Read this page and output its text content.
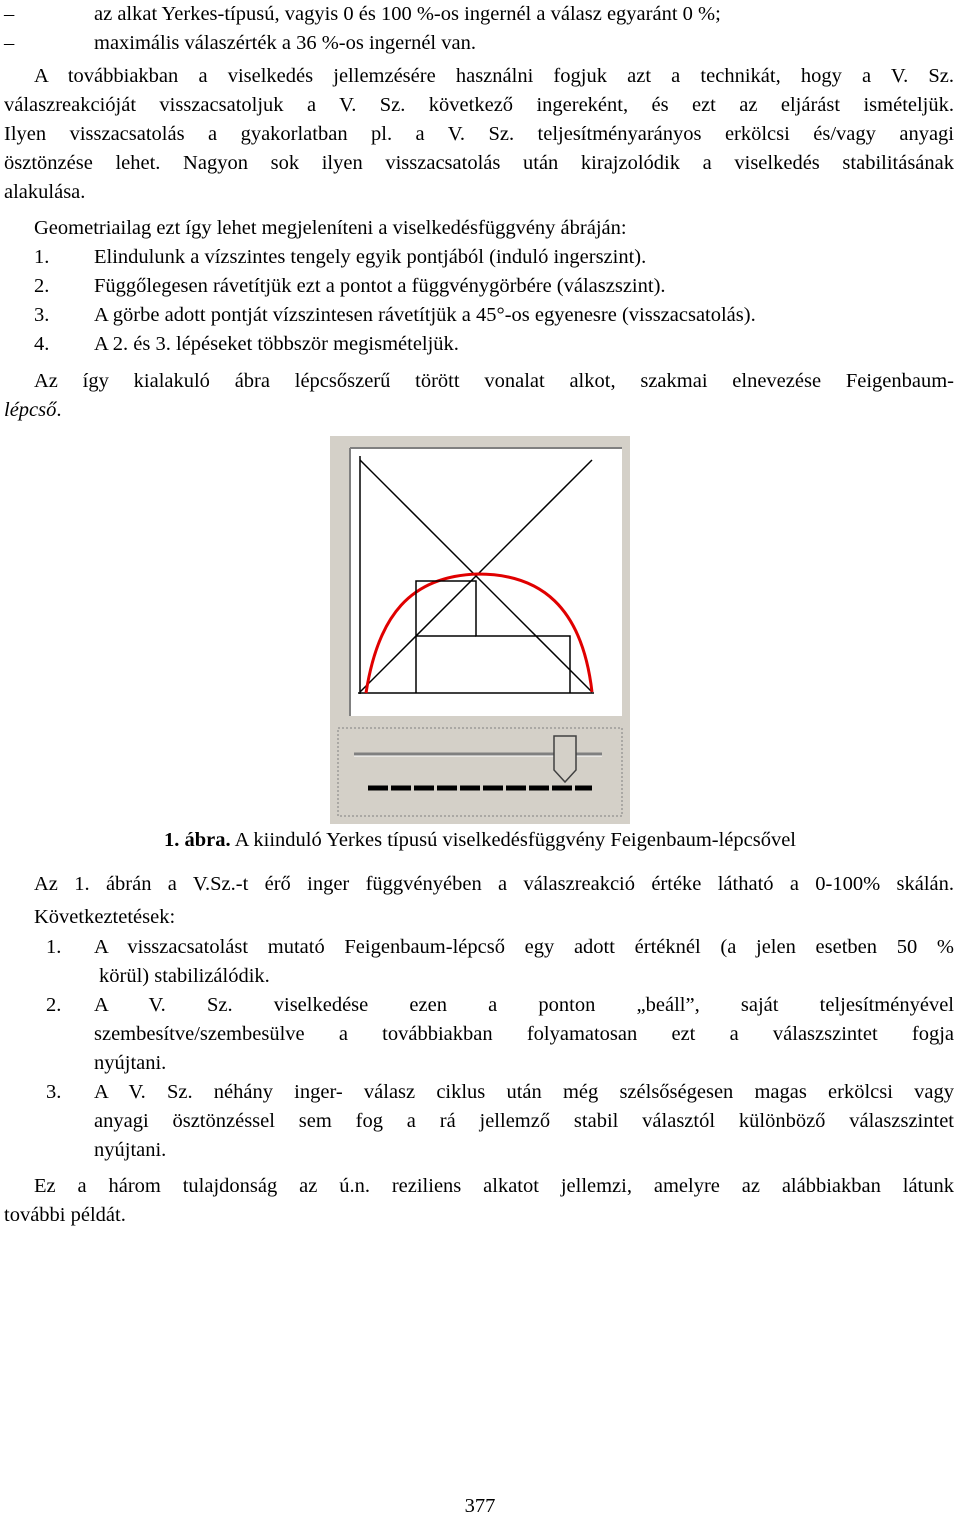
–	az alkat Yerkes-típusú, vagyis 0 és 100 %-os ingernél a válasz egyaránt 0 %;
–	maximális válaszérték a 36 %-os ingernél van.
A továbbiakban a viselkedés jellemzésére használni fogjuk azt a technikát, hogy a V. Sz.
válaszreakcióját visszacsatoljuk a V. Sz. következő ingereként, és ezt az eljárást ismételjük.
Ilyen visszacsatolás a gyakorlatban pl. a V. Sz. teljesítményarányos erkölcsi és/vagy anyagi
ösztönzése lehet. Nagyon sok ilyen visszacsatolás után kirajzolódik a viselkedés stabilitásának
alakulása.
Geometriailag ezt így lehet megjeleníteni a viselkedésfüggvény ábráján:
1. Elindulunk a vízszintes tengely egyik pontjából (induló ingerszint).
2. Függőlegesen rávetítjük ezt a pontot a függvénygörbére (válaszszint).
3. A görbe adott pontját vízszintesen rávetítjük a 45°-os egyenesre (visszacsatolás).
4. A 2. és 3. lépéseket többször megismételjük.
Az így kialakuló ábra lépcsőszerű törött vonalat alkot, szakmai elnevezése Feigenbaum-
lépcső.
1. ábra. A kiinduló Yerkes típusú viselkedésfüggvény Feigenbaum-lépcsővel
Az 1. ábrán a V.Sz.-t érő inger függvényében a válaszreakció értéke látható a 0-100% skálán.
Következtetések:
1. A visszacsatolást mutató Feigenbaum-lépcső egy adott értéknél (a jelen esetben 50 %
körül) stabilizálódik.
2. A V. Sz. viselkedése ezen a ponton „beáll”, saját teljesítményével
szembesítve/szembesülve a továbbiakban folyamatosan ezt a válaszszintet fogja
nyújtani.
3. A V. Sz. néhány inger- válasz ciklus után még szélsőségesen magas erkölcsi vagy
anyagi ösztönzéssel sem fog a rá jellemző stabil választól különböző válaszszintet
nyújtani.
Ez a három tulajdonság az ú.n. reziliens alkatot jellemzi, amelyre az alábbiakban látunk
további példát.
377
